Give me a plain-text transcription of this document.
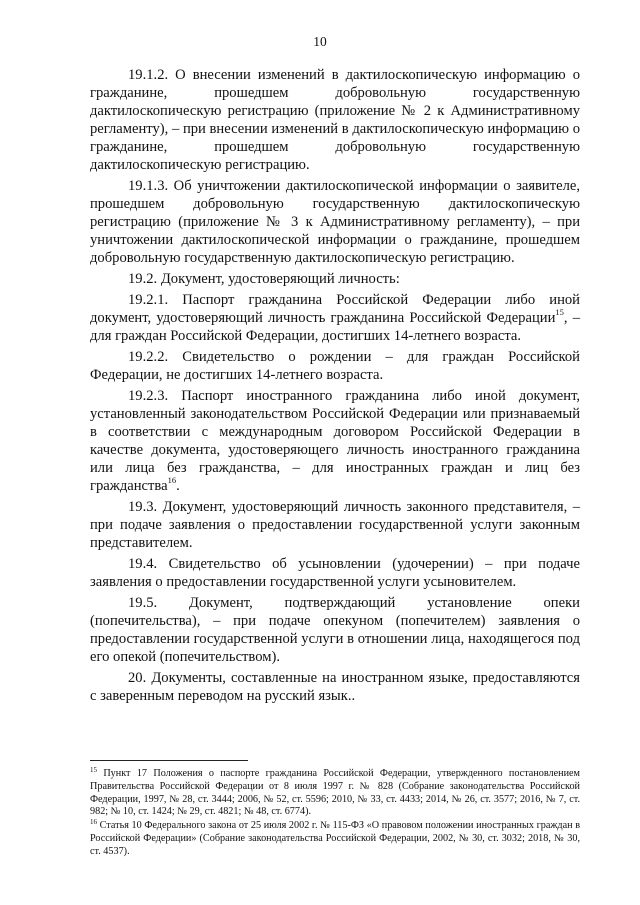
10

19.1.2. О внесении изменений в дактилоскопическую информацию о гражданине, прошедшем добровольную государственную дактилоскопическую регистрацию (приложение № 2 к Административному регламенту), – при внесении изменений в дактилоскопическую информацию о гражданине, прошедшем добровольную государственную дактилоскопическую регистрацию.

19.1.3. Об уничтожении дактилоскопической информации о заявителе, прошедшем добровольную государственную дактилоскопическую регистрацию (приложение № 3 к Административному регламенту), – при уничтожении дактилоскопической информации о гражданине, прошедшем добровольную государственную дактилоскопическую регистрацию.

19.2. Документ, удостоверяющий личность:

19.2.1. Паспорт гражданина Российской Федерации либо иной документ, удостоверяющий личность гражданина Российской Федерации$^{15}$, – для граждан Российской Федерации, достигших 14-летнего возраста.

19.2.2. Свидетельство о рождении – для граждан Российской Федерации, не достигших 14-летнего возраста.

19.2.3. Паспорт иностранного гражданина либо иной документ, установленный законодательством Российской Федерации или признаваемый в соответствии с международным договором Российской Федерации в качестве документа, удостоверяющего личность иностранного гражданина или лица без гражданства, – для иностранных граждан и лиц без гражданства$^{16}$.

19.3. Документ, удостоверяющий личность законного представителя, – при подаче заявления о предоставлении государственной услуги законным представителем.

19.4. Свидетельство об усыновлении (удочерении) – при подаче заявления о предоставлении государственной услуги усыновителем.

19.5. Документ, подтверждающий установление опеки (попечительства), – при подаче опекуном (попечителем) заявления о предоставлении государственной услуги в отношении лица, находящегося под его опекой (попечительством).

20. Документы, составленные на иностранном языке, предоставляются с заверенным переводом на русский язык..

$^{15}$ Пункт 17 Положения о паспорте гражданина Российской Федерации, утвержденного постановлением Правительства Российской Федерации от 8 июля 1997 г. № 828 (Собрание законодательства Российской Федерации, 1997, № 28, ст. 3444; 2006, № 52, ст. 5596; 2010, № 33, ст. 4433; 2014, № 26, ст. 3577; 2016, № 7, ст. 982; № 10, ст. 1424; № 29, ст. 4821; № 48, ст. 6774).

$^{16}$ Статья 10 Федерального закона от 25 июля 2002 г. № 115-ФЗ «О правовом положении иностранных граждан в Российской Федерации» (Собрание законодательства Российской Федерации, 2002, № 30, ст. 3032; 2018, № 30, ст. 4537).
